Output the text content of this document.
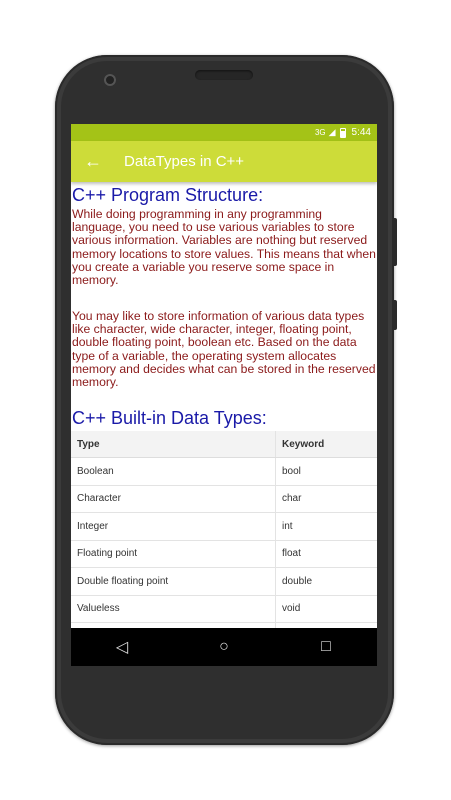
3G ◢ 5:44
←	DataTypes in C++
C++ Program Structure:

While doing programming in any programming language, you need to use various variables to store various information. Variables are nothing but reserved memory locations to store values. This means that when you create a variable you reserve some space in memory.

You may like to store information of various data types like character, wide character, integer, floating point, double floating point, boolean etc. Based on the data type of a variable, the operating system allocates memory and decides what can be stored in the reserved memory.

C++ Built-in Data Types:
Type	Keyword
Boolean	bool
Character	char
Integer	int
Floating point	float
Double floating point	double
Valueless	void

◁	○	□
